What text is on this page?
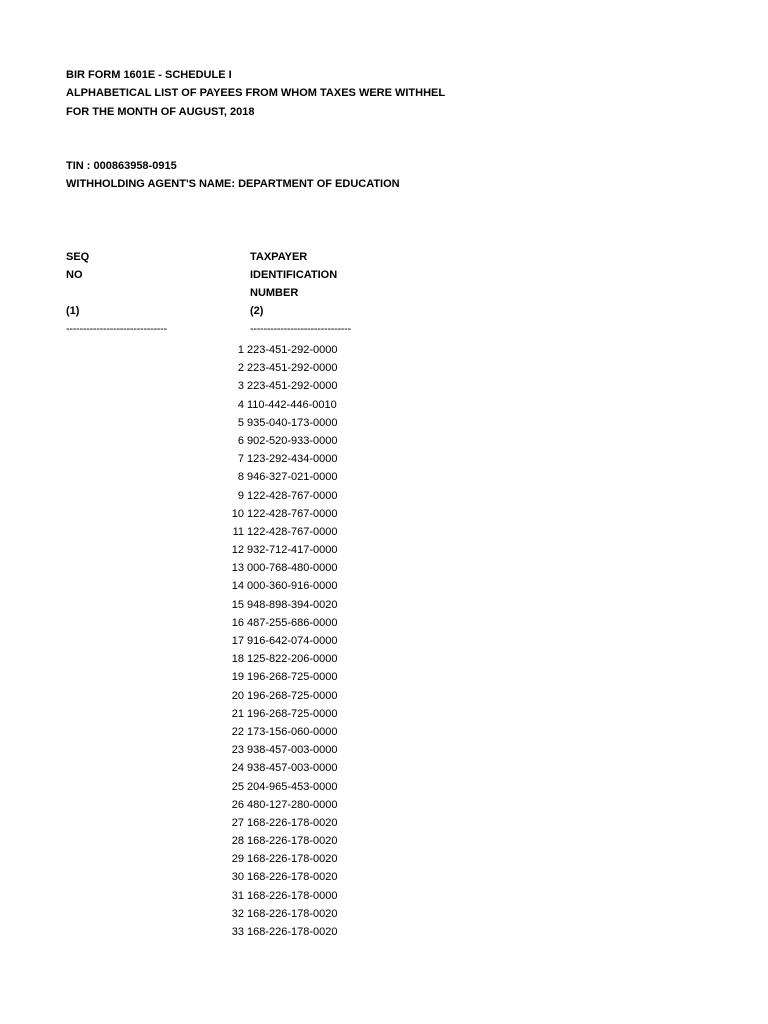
BIR FORM 1601E - SCHEDULE I
ALPHABETICAL LIST OF PAYEES FROM WHOM TAXES WERE WITHHEL
FOR THE MONTH OF AUGUST, 2018
TIN : 000863958-0915
WITHHOLDING AGENT'S NAME: DEPARTMENT OF EDUCATION
SEQ
NO
(1)
------------------------------
TAXPAYER
IDENTIFICATION
NUMBER
(2)
------------------------------
1 223-451-292-0000
2 223-451-292-0000
3 223-451-292-0000
4 110-442-446-0010
5 935-040-173-0000
6 902-520-933-0000
7 123-292-434-0000
8 946-327-021-0000
9 122-428-767-0000
10 122-428-767-0000
11 122-428-767-0000
12 932-712-417-0000
13 000-768-480-0000
14 000-360-916-0000
15 948-898-394-0020
16 487-255-686-0000
17 916-642-074-0000
18 125-822-206-0000
19 196-268-725-0000
20 196-268-725-0000
21 196-268-725-0000
22 173-156-060-0000
23 938-457-003-0000
24 938-457-003-0000
25 204-965-453-0000
26 480-127-280-0000
27 168-226-178-0020
28 168-226-178-0020
29 168-226-178-0020
30 168-226-178-0020
31 168-226-178-0000
32 168-226-178-0020
33 168-226-178-0020
